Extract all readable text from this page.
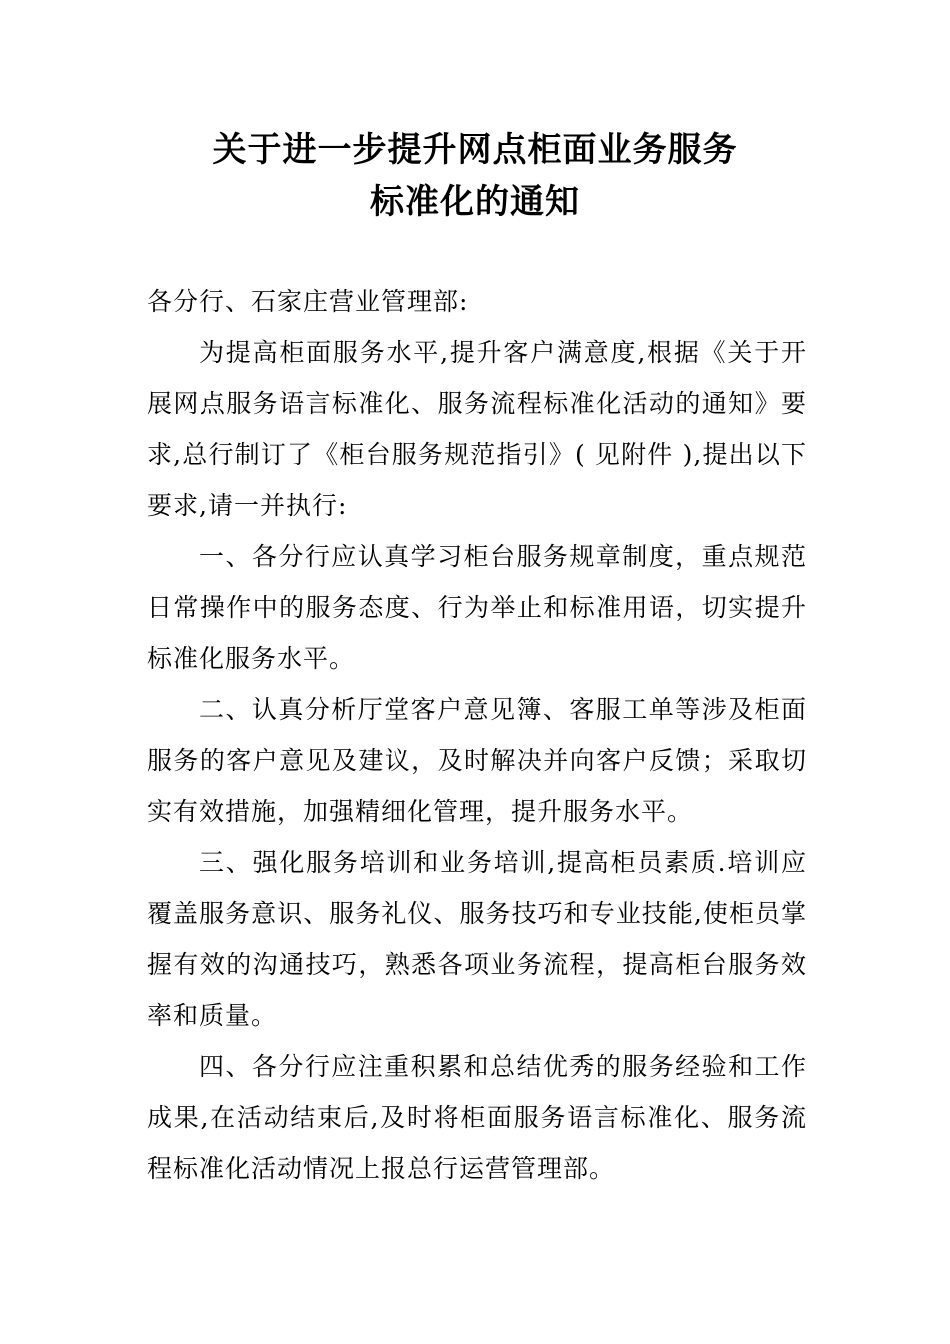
关于进一步提升网点柜面业务服务
标准化的通知

各分行、石家庄营业管理部:

为提高柜面服务水平,提升客户满意度,根据《关于开展网点服务语言标准化、服务流程标准化活动的通知》要求,总行制订了《柜台服务规范指引》( 见附件 ),提出以下要求,请一并执行:

一、各分行应认真学习柜台服务规章制度，重点规范日常操作中的服务态度、行为举止和标准用语，切实提升标准化服务水平。

二、认真分析厅堂客户意见簿、客服工单等涉及柜面服务的客户意见及建议，及时解决并向客户反馈；采取切实有效措施，加强精细化管理，提升服务水平。

三、强化服务培训和业务培训,提高柜员素质.培训应覆盖服务意识、服务礼仪、服务技巧和专业技能,使柜员掌握有效的沟通技巧，熟悉各项业务流程，提高柜台服务效率和质量。

四、各分行应注重积累和总结优秀的服务经验和工作成果,在活动结束后,及时将柜面服务语言标准化、服务流程标准化活动情况上报总行运营管理部。
